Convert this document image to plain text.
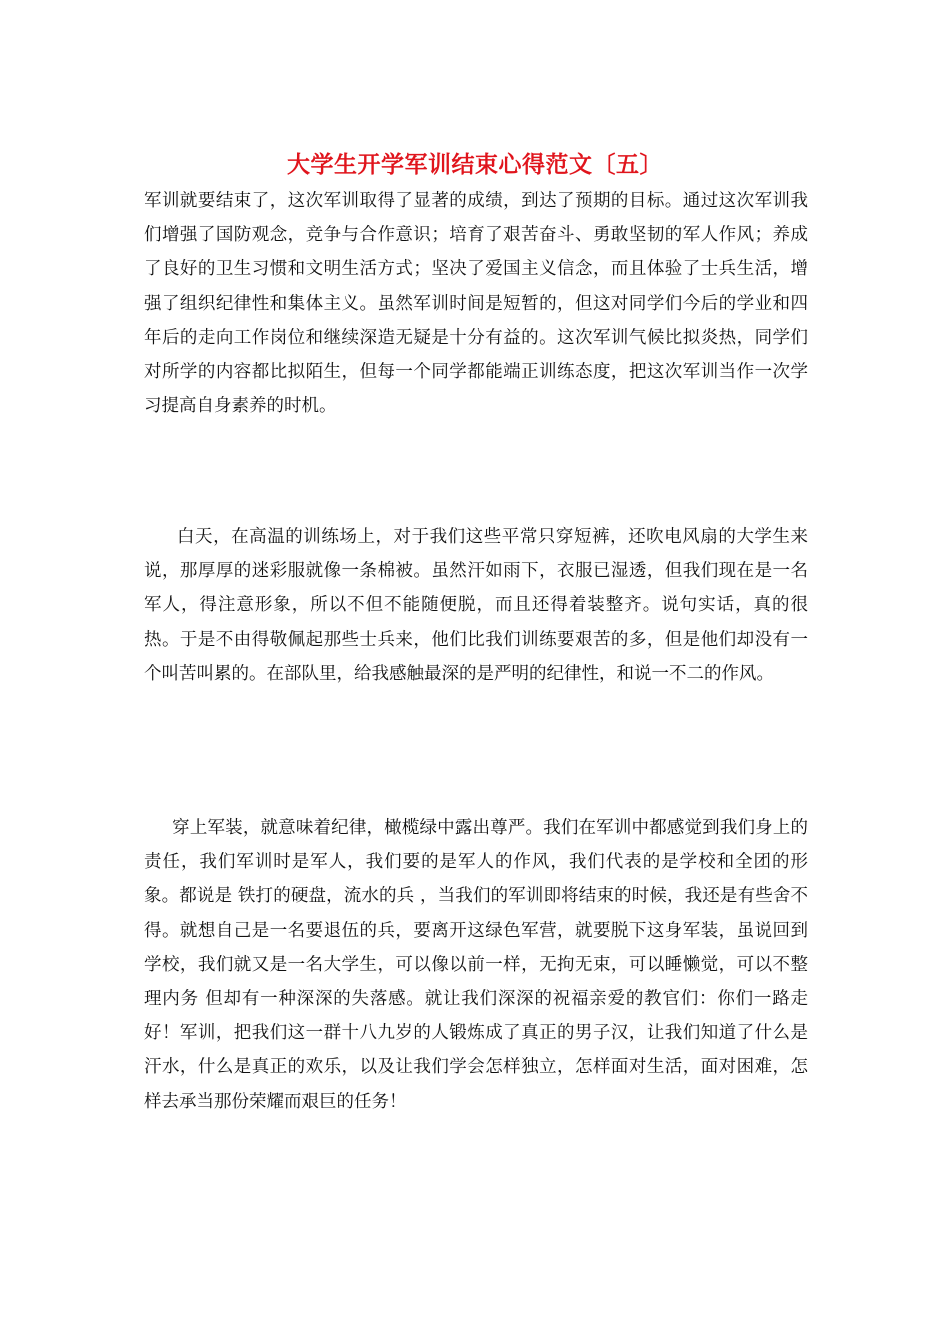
大学生开学军训结束心得范文〔五〕

军训就要结束了，这次军训取得了显著的成绩，到达了预期的目标。通过这次军训我们增强了国防观念，竞争与合作意识；培育了艰苦奋斗、勇敢坚韧的军人作风；养成了良好的卫生习惯和文明生活方式；坚决了爱国主义信念，而且体验了士兵生活，增强了组织纪律性和集体主义。虽然军训时间是短暂的，但这对同学们今后的学业和四年后的走向工作岗位和继续深造无疑是十分有益的。这次军训气候比拟炎热，同学们对所学的内容都比拟陌生，但每一个同学都能端正训练态度，把这次军训当作一次学习提高自身素养的时机。

白天，在高温的训练场上，对于我们这些平常只穿短裤，还吹电风扇的大学生来说，那厚厚的迷彩服就像一条棉被。虽然汗如雨下，衣服已湿透，但我们现在是一名军人，得注意形象，所以不但不能随便脱，而且还得着装整齐。说句实话，真的很热。于是不由得敬佩起那些士兵来，他们比我们训练要艰苦的多，但是他们却没有一个叫苦叫累的。在部队里，给我感触最深的是严明的纪律性，和说一不二的作风。

穿上军装，就意味着纪律，橄榄绿中露出尊严。我们在军训中都感觉到我们身上的责任，我们军训时是军人，我们要的是军人的作风，我们代表的是学校和全团的形象。都说是 铁打的硬盘，流水的兵 ，当我们的军训即将结束的时候，我还是有些舍不得。就想自己是一名要退伍的兵，要离开这绿色军营，就要脱下这身军装，虽说回到学校，我们就又是一名大学生，可以像以前一样，无拘无束，可以睡懒觉，可以不整理内务 但却有一种深深的失落感。就让我们深深的祝福亲爱的教官们：你们一路走好！军训，把我们这一群十八九岁的人锻炼成了真正的男子汉，让我们知道了什么是汗水，什么是真正的欢乐，以及让我们学会怎样独立，怎样面对生活，面对困难，怎样去承当那份荣耀而艰巨的任务！
